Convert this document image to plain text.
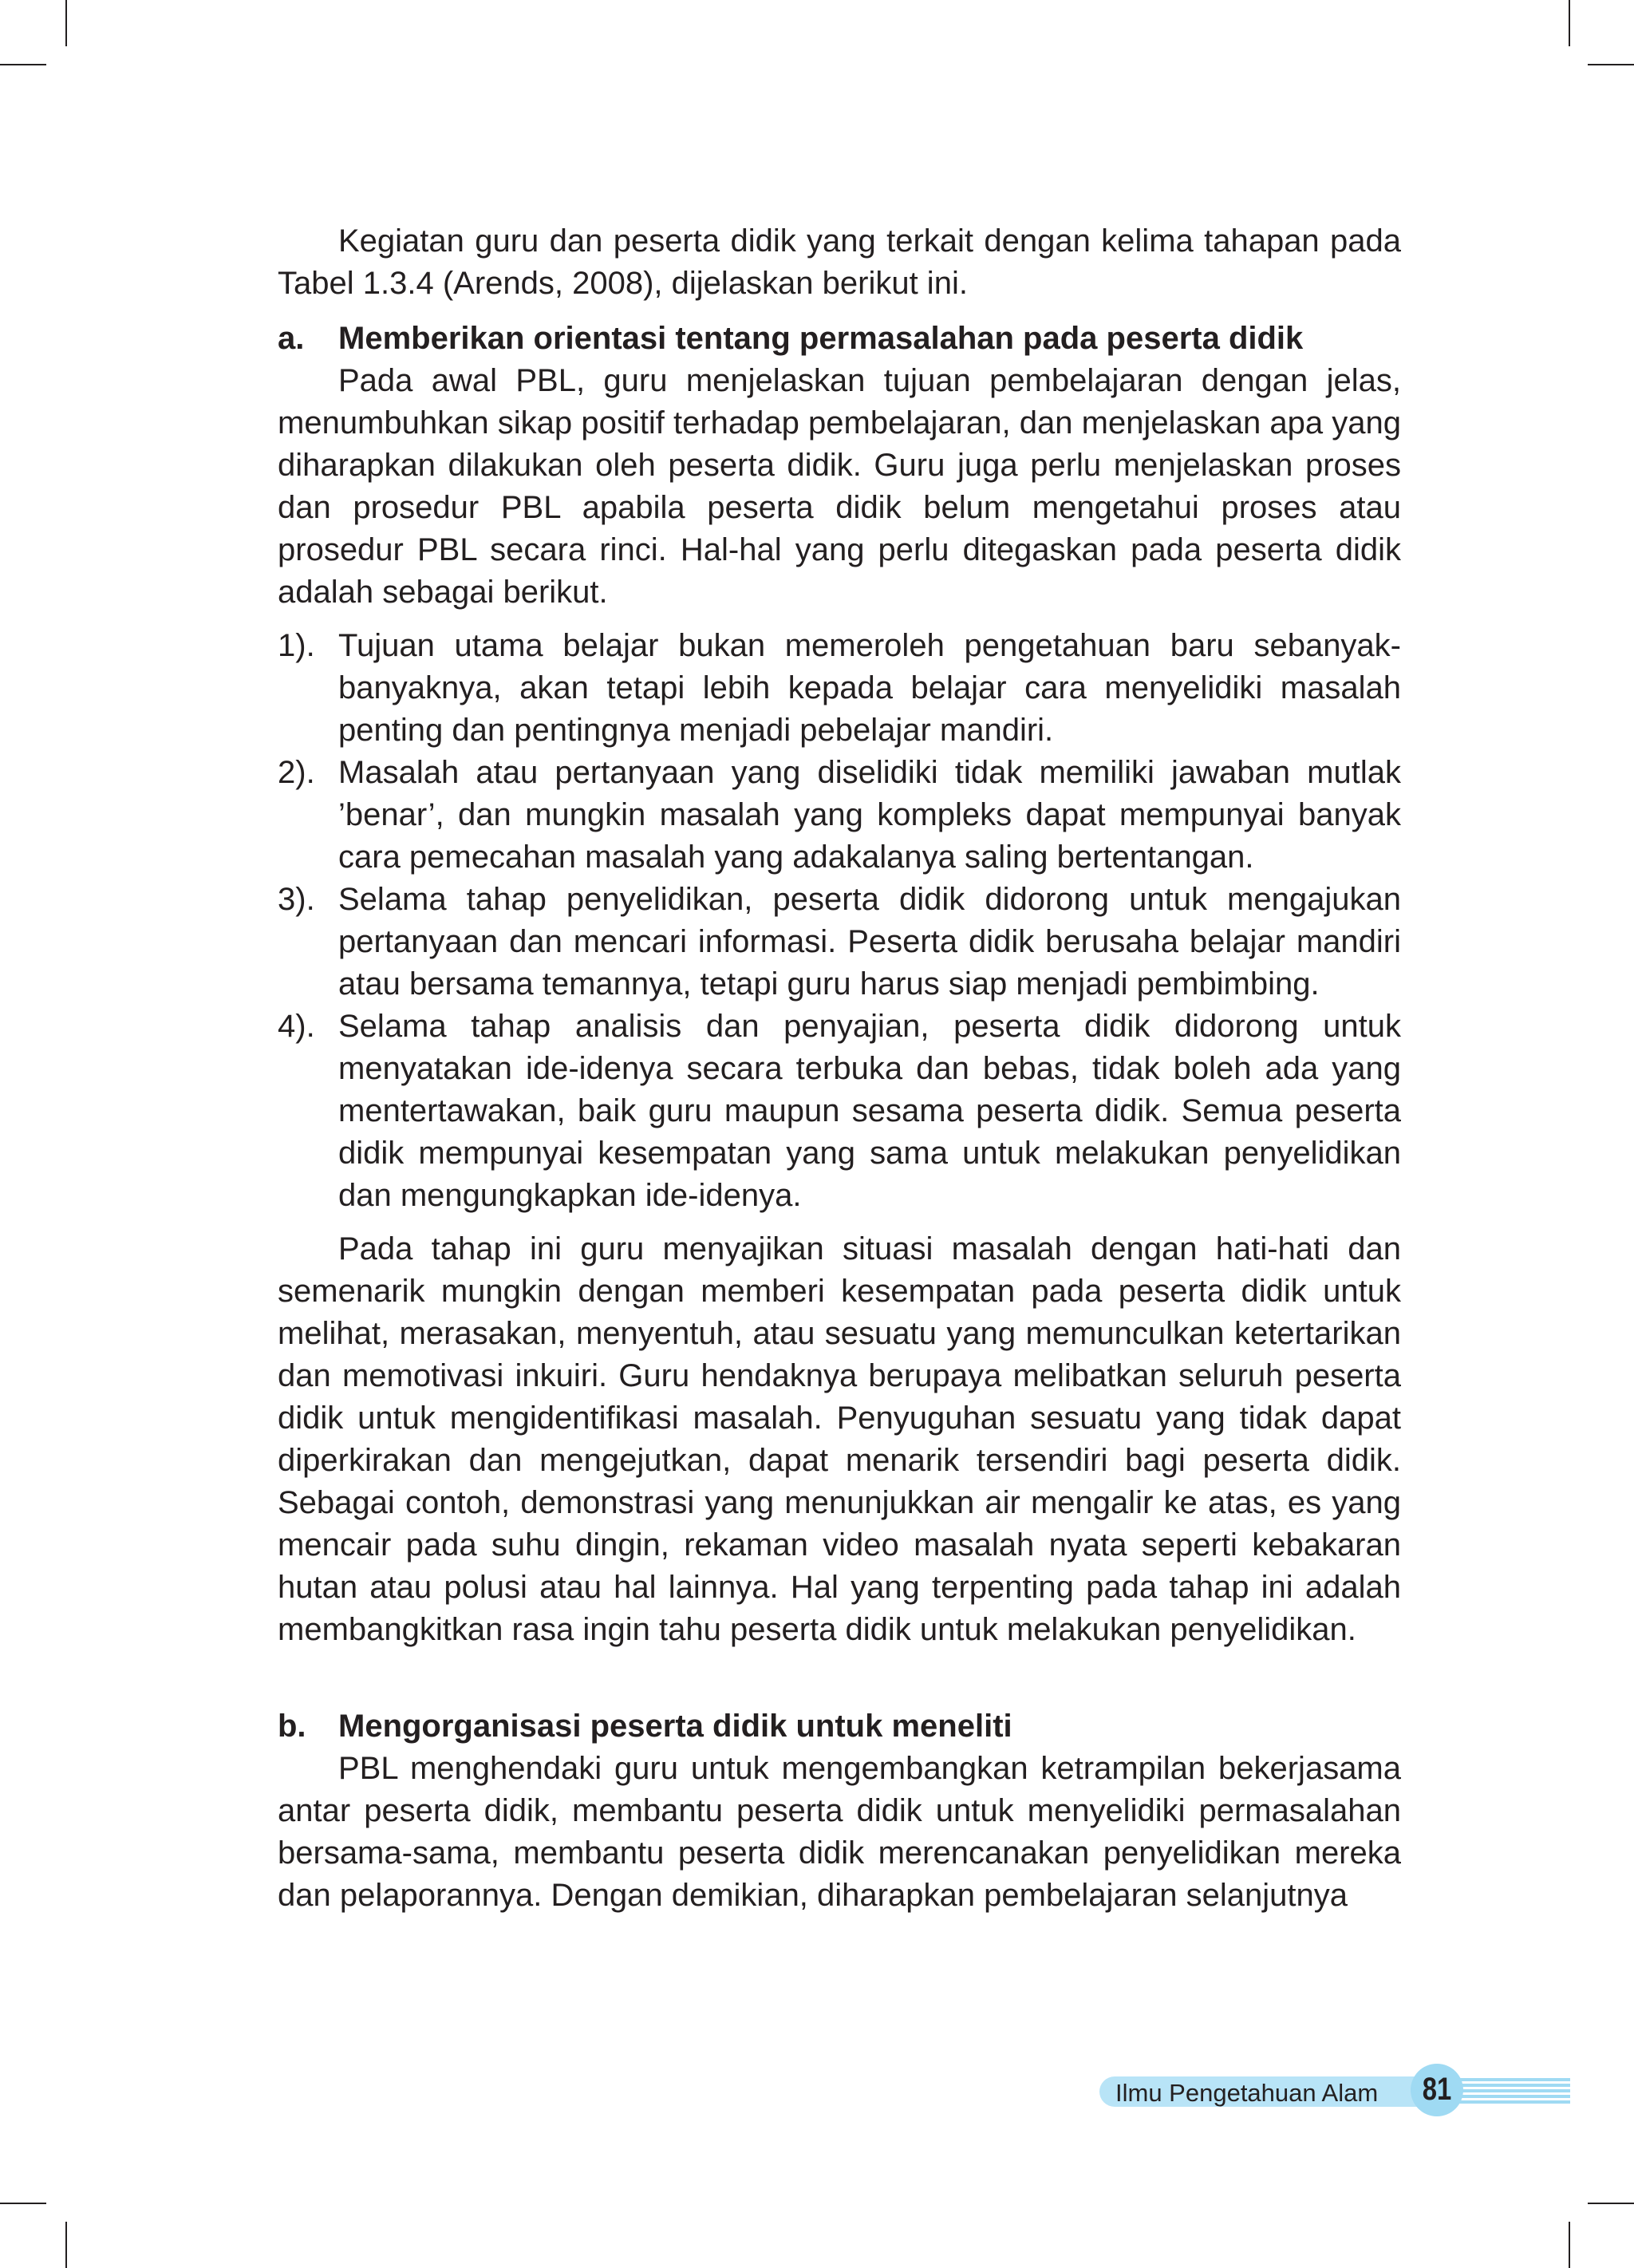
Kegiatan guru dan peserta didik yang terkait dengan kelima tahapan pada Tabel 1.3.4 (Arends, 2008), dijelaskan berikut ini.

a.	Memberikan orientasi tentang permasalahan pada peserta didik

Pada awal PBL, guru menjelaskan tujuan pembelajaran dengan jelas, menumbuhkan sikap positif terhadap pembelajaran, dan menjelaskan apa yang diharapkan dilakukan oleh peserta didik. Guru juga perlu menjelaskan proses dan prosedur PBL apabila peserta didik belum mengetahui proses atau prosedur PBL secara rinci. Hal-hal yang perlu ditegaskan pada peserta didik adalah sebagai berikut.

1). Tujuan utama belajar bukan memeroleh pengetahuan baru sebanyak-banyaknya, akan tetapi lebih kepada belajar cara menyelidiki masalah penting dan pentingnya menjadi pebelajar mandiri.
2). Masalah atau pertanyaan yang diselidiki tidak memiliki jawaban mutlak ’benar’, dan mungkin masalah yang kompleks dapat mempunyai banyak cara pemecahan masalah yang adakalanya saling bertentangan.
3). Selama tahap penyelidikan, peserta didik didorong untuk mengajukan pertanyaan dan mencari informasi. Peserta didik berusaha belajar mandiri atau bersama temannya, tetapi guru harus siap menjadi pembimbing.
4). Selama tahap analisis dan penyajian, peserta didik didorong untuk menyatakan ide-idenya secara terbuka dan bebas, tidak boleh ada yang mentertawakan, baik guru maupun sesama peserta didik. Semua peserta didik mempunyai kesempatan yang sama untuk melakukan penyelidikan dan mengungkapkan ide-idenya.

Pada tahap ini guru menyajikan situasi masalah dengan hati-hati dan semenarik mungkin dengan memberi kesempatan pada peserta didik untuk melihat, merasakan, menyentuh, atau sesuatu yang memunculkan ketertarikan dan memotivasi inkuiri. Guru hendaknya berupaya melibatkan seluruh peserta didik untuk mengidentifikasi masalah. Penyuguhan sesuatu yang tidak dapat diperkirakan dan mengejutkan, dapat menarik tersendiri bagi peserta didik. Sebagai contoh, demonstrasi yang menunjukkan air mengalir ke atas, es yang mencair pada suhu dingin, rekaman video masalah nyata seperti kebakaran hutan atau polusi atau hal lainnya. Hal yang terpenting pada tahap ini adalah membangkitkan rasa ingin tahu peserta didik untuk melakukan penyelidikan.

b.	Mengorganisasi peserta didik untuk meneliti

PBL menghendaki guru untuk mengembangkan ketrampilan bekerjasama antar peserta didik, membantu peserta didik untuk menyelidiki permasalahan bersama-sama, membantu peserta didik merencanakan penyelidikan mereka dan pelaporannya. Dengan demikian, diharapkan pembelajaran selanjutnya

Ilmu Pengetahuan Alam 81
